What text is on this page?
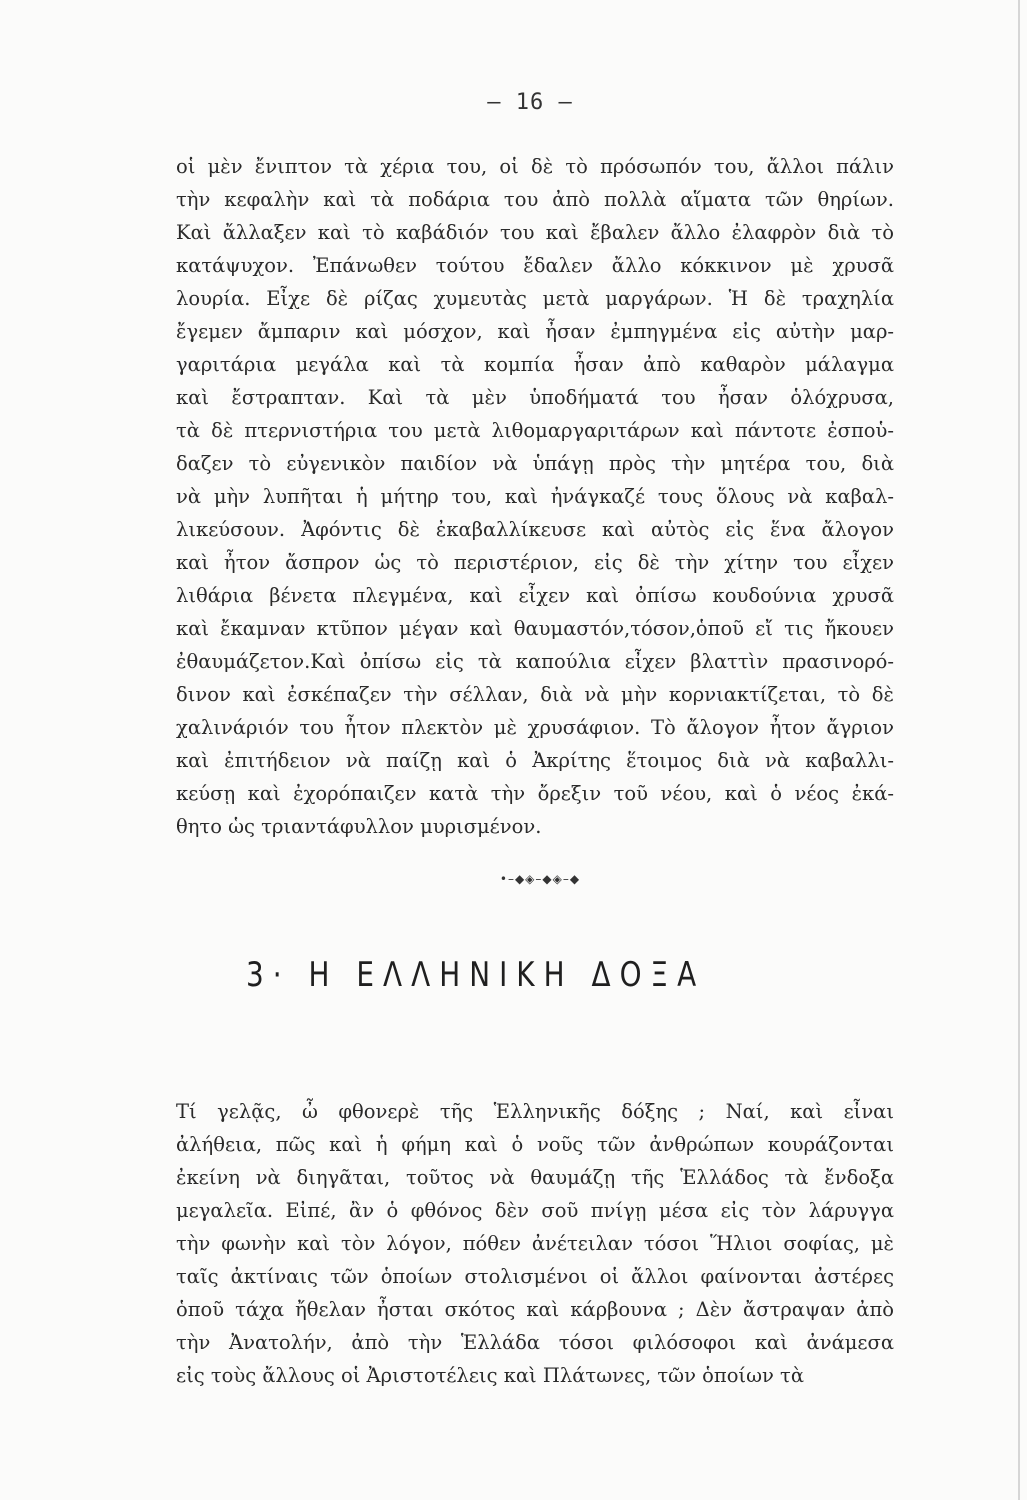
— 16 —
οἱ μὲν ἔνιπτον τὰ χέρια του, οἱ δὲ τὸ πρόσωπόν του, ἄλλοι πάλιν
τὴν κεφαλὴν καὶ τὰ ποδάρια του ἀπὸ πολλὰ αἵματα τῶν θηρίων.
Καὶ ἄλλαξεν καὶ τὸ καβάδιόν του καὶ ἔβαλεν ἄλλο ἐλαφρὸν διὰ τὸ
κατάψυχον. Ἐπάνωθεν τούτου ἔδαλεν ἄλλο κόκκινον μὲ χρυσᾶ
λουρία. Εἶχε δὲ ρίζας χυμευτὰς μετὰ μαργάρων. Ἡ δὲ τραχηλία
ἔγεμεν ἄμπαριν καὶ μόσχον, καὶ ἦσαν ἐμπηγμένα εἰς αὐτὴν μαρ-
γαριτάρια μεγάλα καὶ τὰ κομπία ἦσαν ἀπὸ καθαρὸν μάλαγμα
καὶ ἔστραπταν. Καὶ τὰ μὲν ὑποδήματά του ἦσαν ὁλόχρυσα,
τὰ δὲ πτερνιστήρια του μετὰ λιθομαργαριτάρων καὶ πάντοτε ἐσποὑ-
δαζεν τὸ εὐγενικὸν παιδίον νὰ ὑπάγῃ πρὸς τὴν μητέρα του, διὰ
νὰ μὴν λυπῆται ἡ μήτηρ του, καὶ ἠνάγκαζέ τους ὅλους νὰ καβαλ-
λικεύσουν. Ἀφόντις δὲ ἐκαβαλλίκευσε καὶ αὐτὸς εἰς ἕνα ἄλογον
καὶ ἦτον ἄσπρον ὡς τὸ περιστέριον, εἰς δὲ τὴν χίτην του εἶχεν
λιθάρια βένετα πλεγμένα, καὶ εἶχεν καὶ ὀπίσω κουδούνια χρυσᾶ
καὶ ἔκαμναν κτῦπον μέγαν καὶ θαυμαστόν,τόσον,ὁποῦ εἴ τις ἤκουεν
ἐθαυμάζετον.Καὶ ὀπίσω εἰς τὰ καπούλια εἶχεν βλαττὶν πρασινορό-
δινον καὶ ἐσκέπαζεν τὴν σέλλαν, διὰ νὰ μὴν κορνιακτίζεται, τὸ δὲ
χαλινάριόν του ἦτον πλεκτὸν μὲ χρυσάφιον. Τὸ ἄλογον ἦτον ἄγριον
καὶ ἐπιτήδειον νὰ παίζῃ καὶ ὁ Ἀκρίτης ἕτοιμος διὰ νὰ καβαλλι-
κεύσῃ καὶ ἐχορόπαιζεν κατὰ τὴν ὄρεξιν τοῦ νέου, καὶ ὁ νέος ἐκά-
θητο ὡς τριαντάφυλλον μυρισμένον.
•–◆◈–◆◈–◆
3· Η ΕΛΛΗΝΙΚΗ ΔΟΞΑ
Τί γελᾷς, ὦ φθονερὲ τῆς Ἑλληνικῆς δόξης ; Ναί, καὶ εἶναι
ἀλήθεια, πῶς καὶ ἡ φήμη καὶ ὁ νοῦς τῶν ἀνθρώπων κουράζονται
ἐκείνη νὰ διηγᾶται, τοῦτος νὰ θαυμάζῃ τῆς Ἑλλάδος τὰ ἔνδοξα
μεγαλεῖα. Εἰπέ, ἂν ὁ φθόνος δὲν σοῦ πνίγῃ μέσα εἰς τὸν λάρυγγα
τὴν φωνὴν καὶ τὸν λόγον, πόθεν ἀνέτειλαν τόσοι Ἥλιοι σοφίας, μὲ
ταῖς ἀκτίναις τῶν ὁποίων στολισμένοι οἱ ἄλλοι φαίνονται ἀστέρες
ὁποῦ τάχα ἤθελαν ἦσται σκότος καὶ κάρβουνα ; Δὲν ἄστραψαν ἀπὸ
τὴν Ἀνατολήν, ἀπὸ τὴν Ἑλλάδα τόσοι φιλόσοφοι καὶ ἀνάμεσα
εἰς τοὺς ἄλλους οἱ Ἀριστοτέλεις καὶ Πλάτωνες, τῶν ὁποίων τὰ
